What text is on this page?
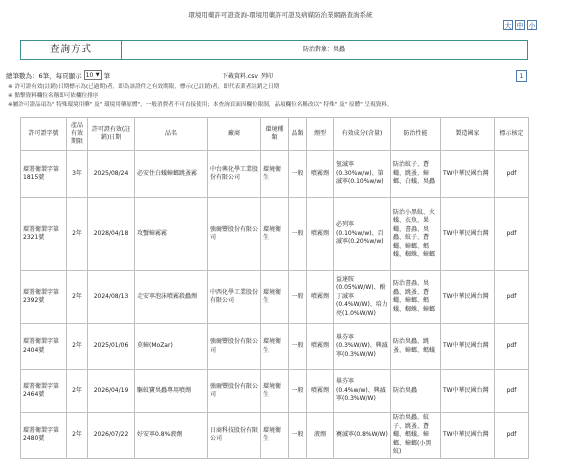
環境用藥許可證查詢-環境用藥許可證及病媒防治業網路查詢系統
大 中 小
查詢方式	防治對象：臭蟲
總筆數為：6筆，每頁顯示 10 ▼ 筆	下載資料.csv 列印	1
※ 許可證有效(註銷)日期標示為(已過期)者，即為該證件之有效期限，標示(已註銷)者，即代表業者註銷之日期
※ 點擊資料欄位名稱即可依欄位排序
※屬許可證品項為" 特殊環境用藥" 及" 環境用藥原體"，一般消費者不可直接使用；本查詢頁面因欄位限制，品項欄位名稱改以" 特殊" 及" 原體" 呈現資料。
許可證字號	產品有效期限	許可證有效(註銷)日期	品名	廠商	環境種類	品類	劑型	有效成分(含量)	防治性能	製造國家	標示核定
環署衛製字第1815號	3年	2025/08/24	必安住白蟻蟑螂跳蚤霧	中台興化學工業股份有限公司	環境衛生	一般	噴霧劑	氫滅寧(0.30%w/w)、第滅寧(0.10%w/w)	防治蚊子、蒼蠅、跳蚤、蟑螂、白蟻、臭蟲	TW中華民國台灣	pdf
環署衛製字第2321號	2年	2028/04/18	攻蟹蟑霧霧	強爾豐股份有限公司	環境衛生	一般	噴霧劑	必列寧(0.10%w/w)、百滅寧(0.20%w/w)	防治小黑蚊、火蟻、衣魚、果蠅、書蝨、臭蟲、蚊子、蒼蠅、蟑螂、螞蟻、蜘蛛、蟑螂	TW中華民國台灣	pdf
環署衛製字第2392號	2年	2024/08/13	走安寧泡沫噴霧殺蟲劑	中西化學工業股份有限公司	環境衛生	一般	噴霧劑	益達胺(0.05%W/W)、酚丁滅寧(0.4%W/W)、培力亮(1.0%W/W)	防治書蝨、臭蟲、跳蚤、蒼蠅、蟑螂、螞蟻、蜘蛛、蟑螂	TW中華民國台灣	pdf
環署衛製字第2404號	2年	2025/01/06	莫蟑(MoZar)	強爾豐股份有限公司	環境衛生	一般	噴霧劑	畢芬寧(0.3%W/W)、興滅寧(0.3%W/W)	防治臭蟲、跳蚤、蟑螂、螞蟻	TW中華民國台灣	pdf
環署衛製字第2464號	2年	2026/04/19	驅蚊寶臭蟲專用噴劑	強爾豐股份有限公司	環境衛生	一般	噴霧劑	畢芬寧(0.4%w/w)、興滅寧(0.3%W/W)	防治臭蟲	TW中華民國台灣	pdf
環署衛製字第2480號	2年	2026/07/22	好安寧0.8%液劑	日商科技股份有限公司	環境衛生	一般	液劑	賽滅寧(0.8%W/W)	防治臭蟲、蚊子、跳蚤、蒼蠅、螞蟻、蟑螂、蟑螂(小黑蚊)	TW中華民國台灣	pdf
